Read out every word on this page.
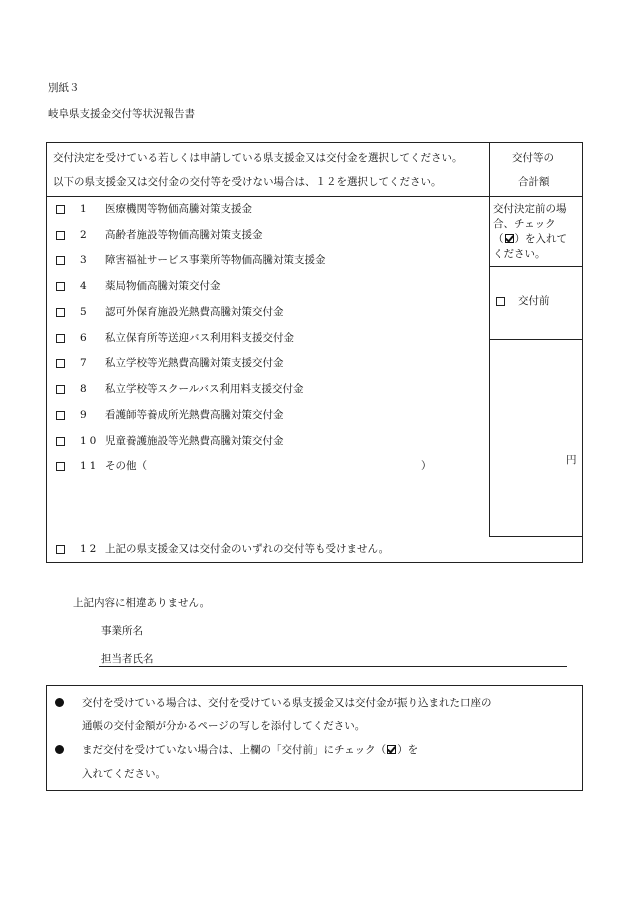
別紙３
岐阜県支援金交付等状況報告書
交付決定を受けている若しくは申請している県支援金又は交付金を選択してください。
以下の県支援金又は交付金の交付等を受けない場合は、１２を選択してください。
交付等の
合計額
交付決定前の場
合、チェック
（ ）を入れて
ください。
交付前
円
1	医療機関等物価高騰対策支援金
2	高齢者施設等物価高騰対策支援金
3	障害福祉サービス事業所等物価高騰対策支援金
4	薬局物価高騰対策交付金
5	認可外保育施設光熱費高騰対策交付金
6	私立保育所等送迎バス利用料支援交付金
7	私立学校等光熱費高騰対策支援交付金
8	私立学校等スクールバス利用料支援交付金
9	看護師等養成所光熱費高騰対策交付金
10 児童養護施設等光熱費高騰対策交付金
11 その他（	）
12 上記の県支援金又は交付金のいずれの交付等も受けません。
上記内容に相違ありません。
事業所名
担当者氏名
交付を受けている場合は、交付を受けている県支援金又は交付金が振り込まれた口座の
通帳の交付金額が分かるページの写しを添付してください。
まだ交付を受けていない場合は、上欄の「交付前」にチェック（ ）を
入れてください。
